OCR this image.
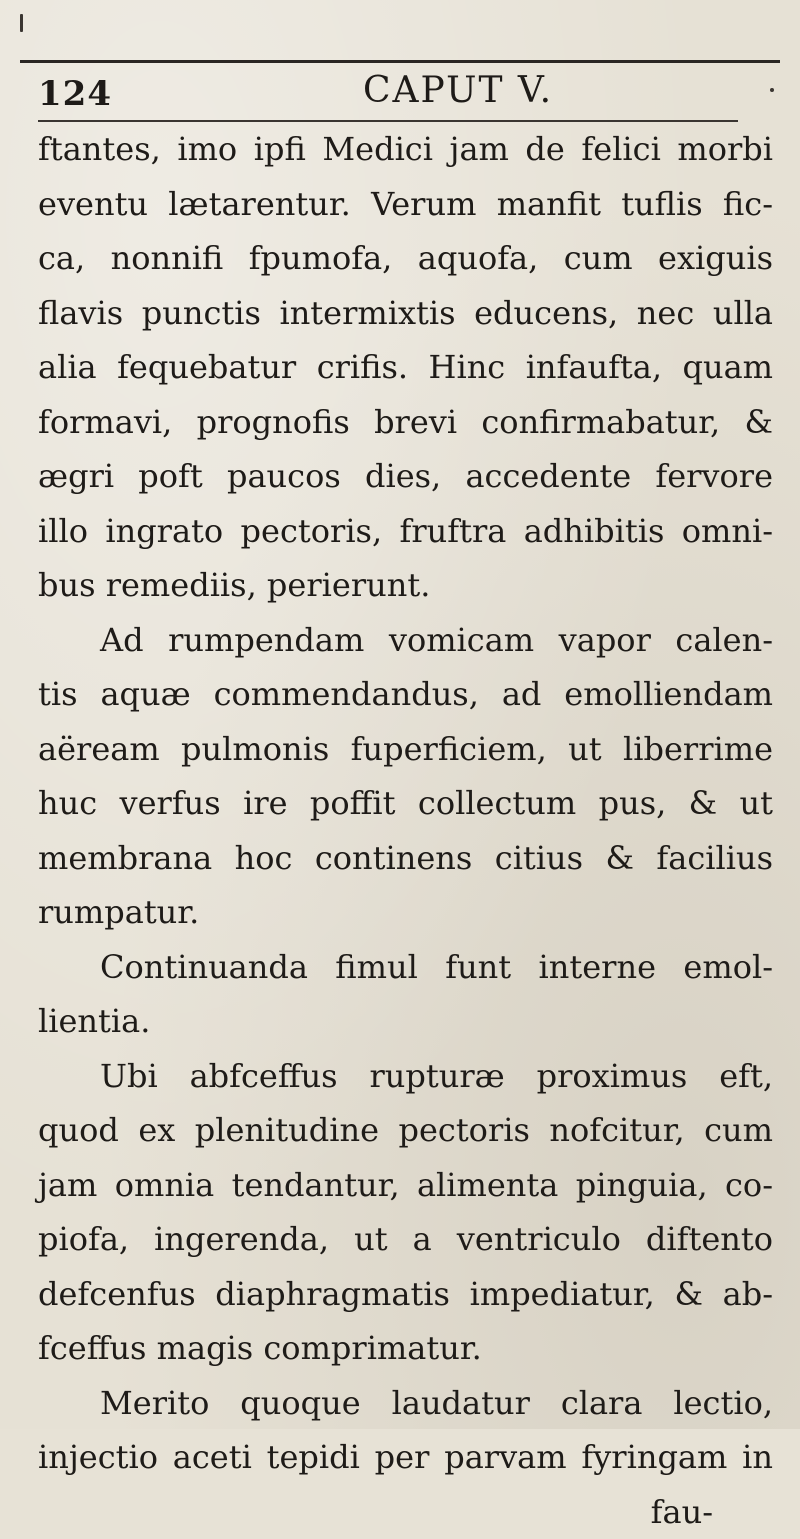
124	CAPUT V.
ftantes, imo ipfi Medici jam de felici morbi
eventu lætarentur. Verum manfit tuflis fic-
ca, nonnifi fpumofa, aquofa, cum exiguis
flavis punctis intermixtis educens, nec ulla
alia fequebatur crifis. Hinc infaufta, quam
formavi, prognofis brevi confirmabatur, &
ægri poft paucos dies, accedente fervore
illo ingrato pectoris, fruftra adhibitis omni-
bus remediis, perierunt.
Ad rumpendam vomicam vapor calen-
tis aquæ commendandus, ad emolliendam
aëream pulmonis fuperficiem, ut liberrime
huc verfus ire poffit collectum pus, & ut
membrana hoc continens citius & facilius
rumpatur.
Continuanda fimul funt interne emol-
lientia.
Ubi abfceffus rupturæ proximus eft,
quod ex plenitudine pectoris nofcitur, cum
jam omnia tendantur, alimenta pinguia, co-
piofa, ingerenda, ut a ventriculo diftento
defcenfus diaphragmatis impediatur, & ab-
fceffus magis comprimatur.
Merito quoque laudatur clara lectio,
injectio aceti tepidi per parvam fyringam in
fau-
